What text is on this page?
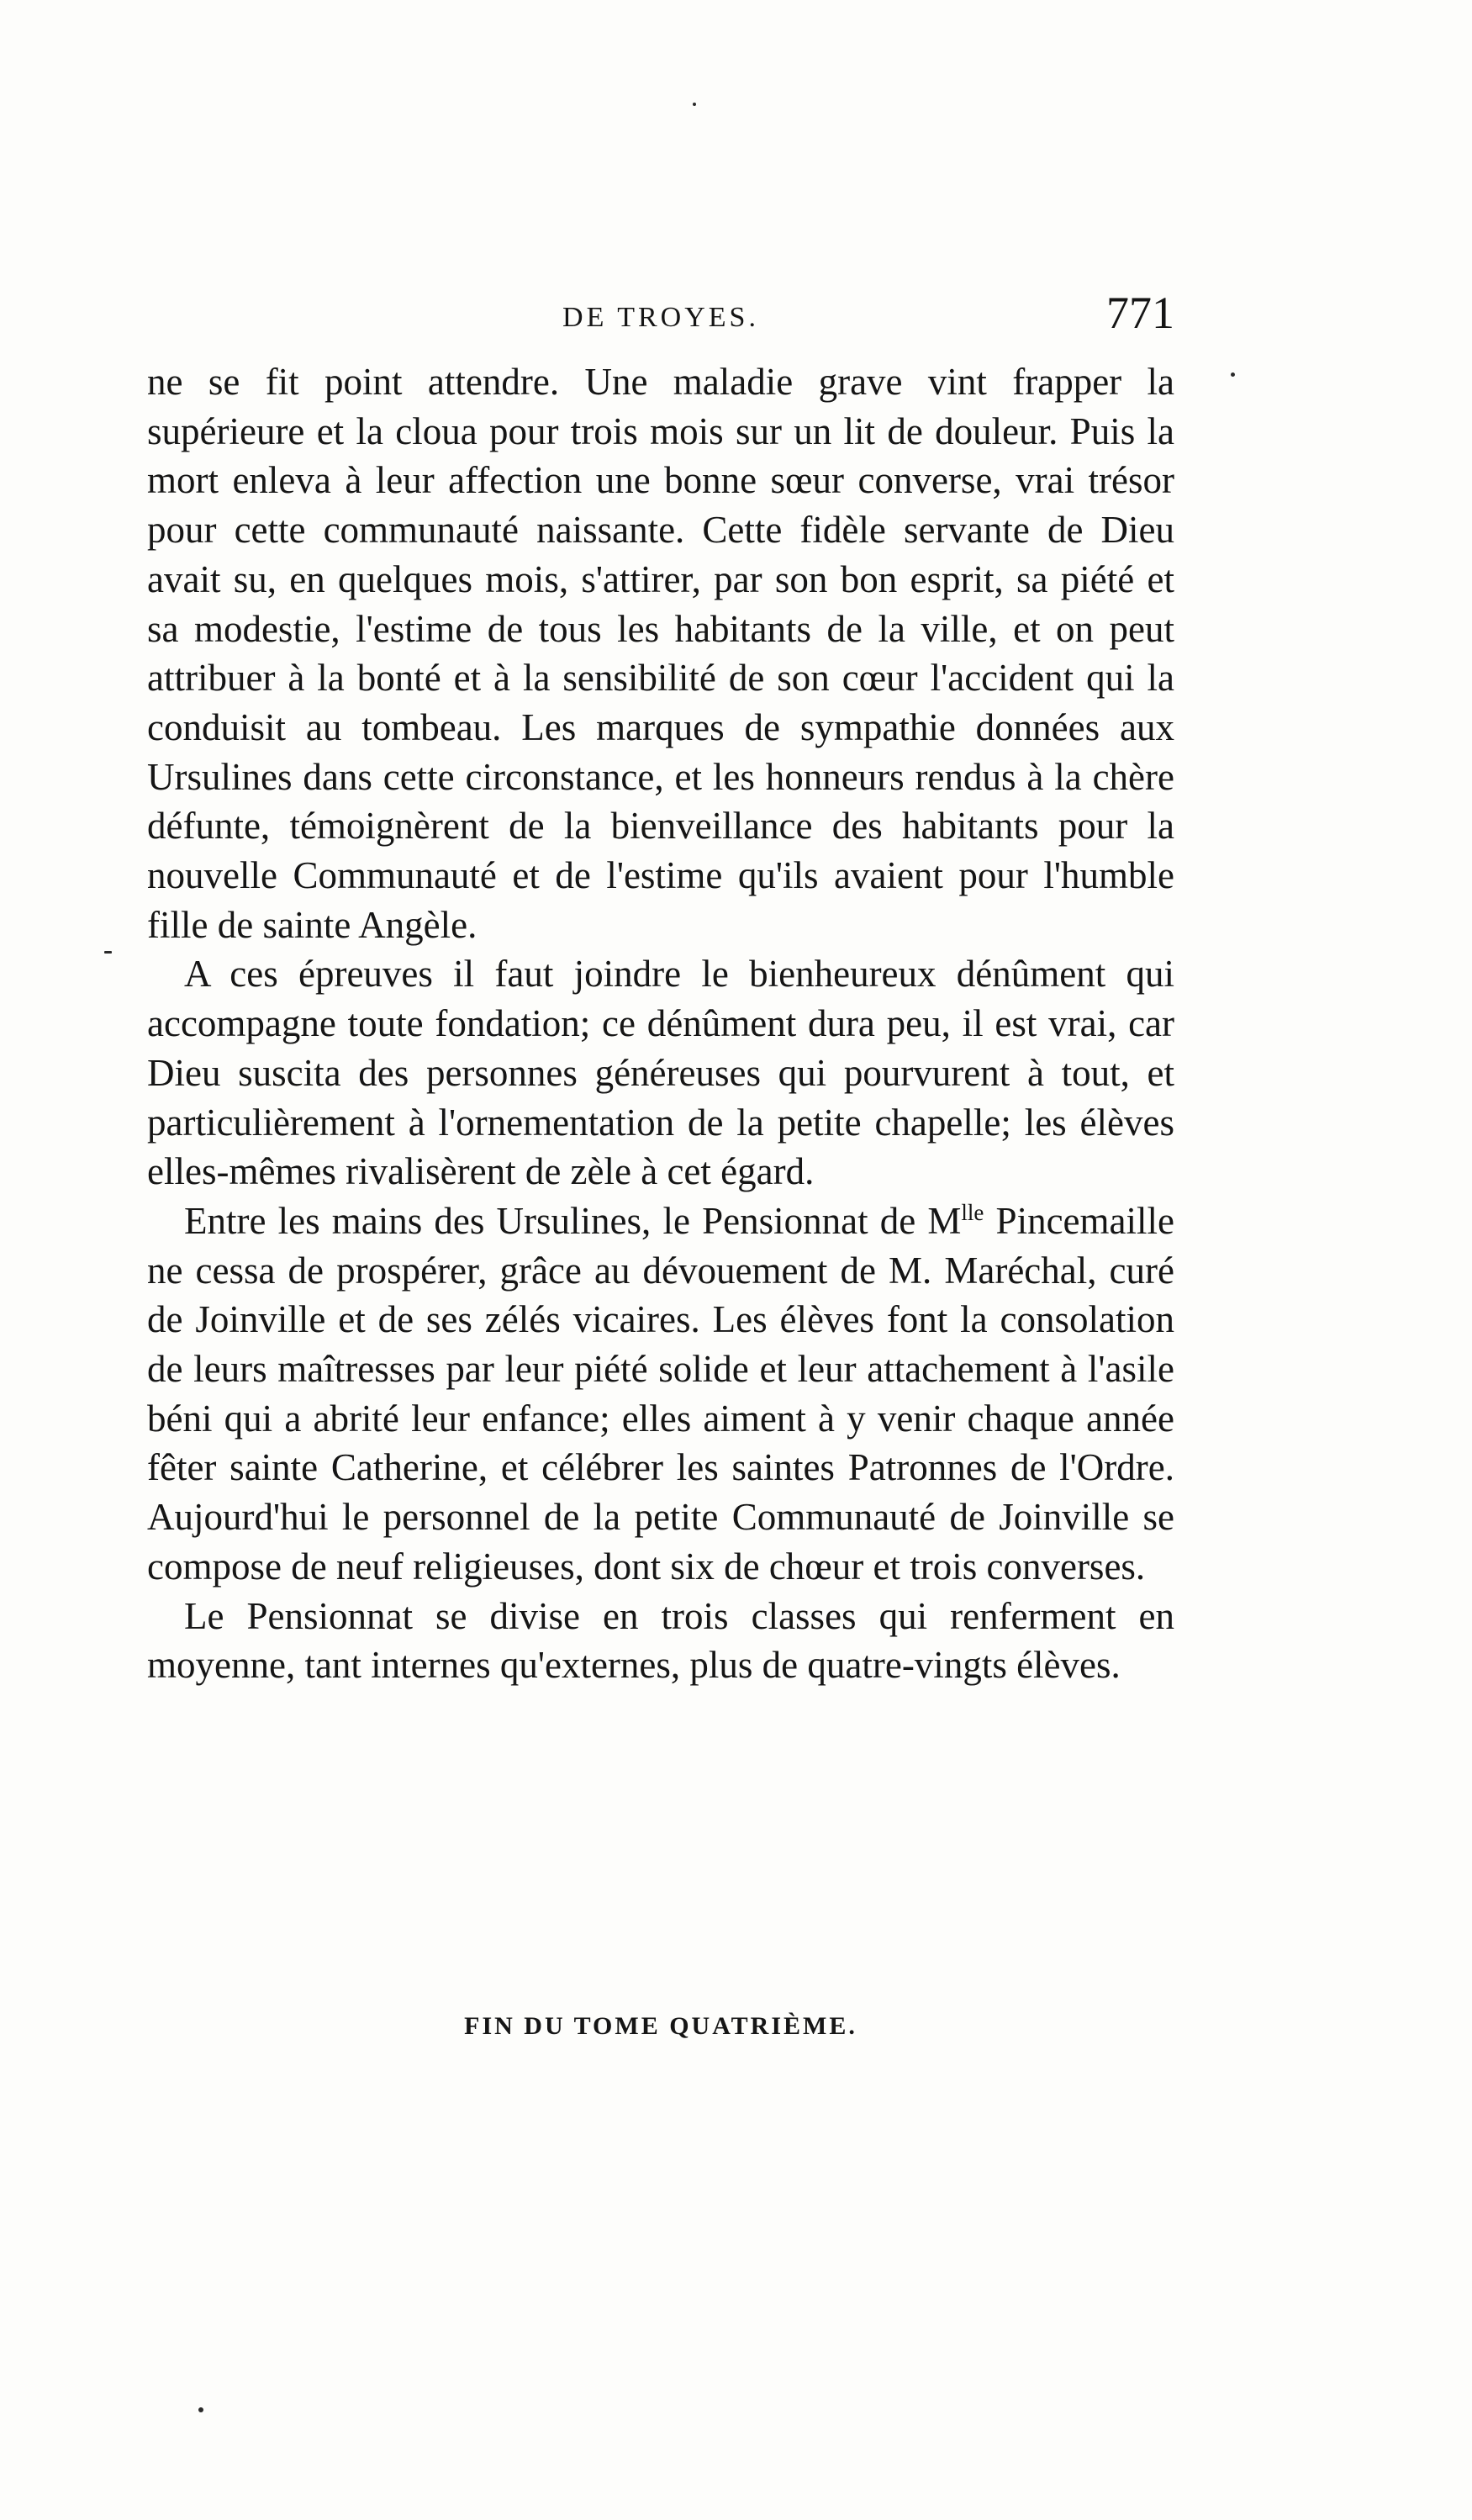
DE TROYES.	771

ne se fit point attendre. Une maladie grave vint frapper la supérieure et la cloua pour trois mois sur un lit de douleur. Puis la mort enleva à leur affection une bonne sœur converse, vrai trésor pour cette communauté naissante. Cette fidèle servante de Dieu avait su, en quelques mois, s'attirer, par son bon esprit, sa piété et sa modestie, l'estime de tous les habitants de la ville, et on peut attribuer à la bonté et à la sensibilité de son cœur l'accident qui la conduisit au tombeau. Les marques de sympathie données aux Ursulines dans cette circonstance, et les honneurs rendus à la chère défunte, témoignèrent de la bienveillance des habitants pour la nouvelle Communauté et de l'estime qu'ils avaient pour l'humble fille de sainte Angèle.

A ces épreuves il faut joindre le bienheureux dénûment qui accompagne toute fondation; ce dénûment dura peu, il est vrai, car Dieu suscita des personnes généreuses qui pourvurent à tout, et particulièrement à l'ornementation de la petite chapelle; les élèves elles-mêmes rivalisèrent de zèle à cet égard.

Entre les mains des Ursulines, le Pensionnat de $M^{lle}$ Pincemaille ne cessa de prospérer, grâce au dévouement de M. Maréchal, curé de Joinville et de ses zélés vicaires. Les élèves font la consolation de leurs maîtresses par leur piété solide et leur attachement à l'asile béni qui a abrité leur enfance; elles aiment à y venir chaque année fêter sainte Catherine, et célébrer les saintes Patronnes de l'Ordre. Aujourd'hui le personnel de la petite Communauté de Joinville se compose de neuf religieuses, dont six de chœur et trois converses.

Le Pensionnat se divise en trois classes qui renferment en moyenne, tant internes qu'externes, plus de quatre-vingts élèves.

FIN DU TOME QUATRIÈME.
